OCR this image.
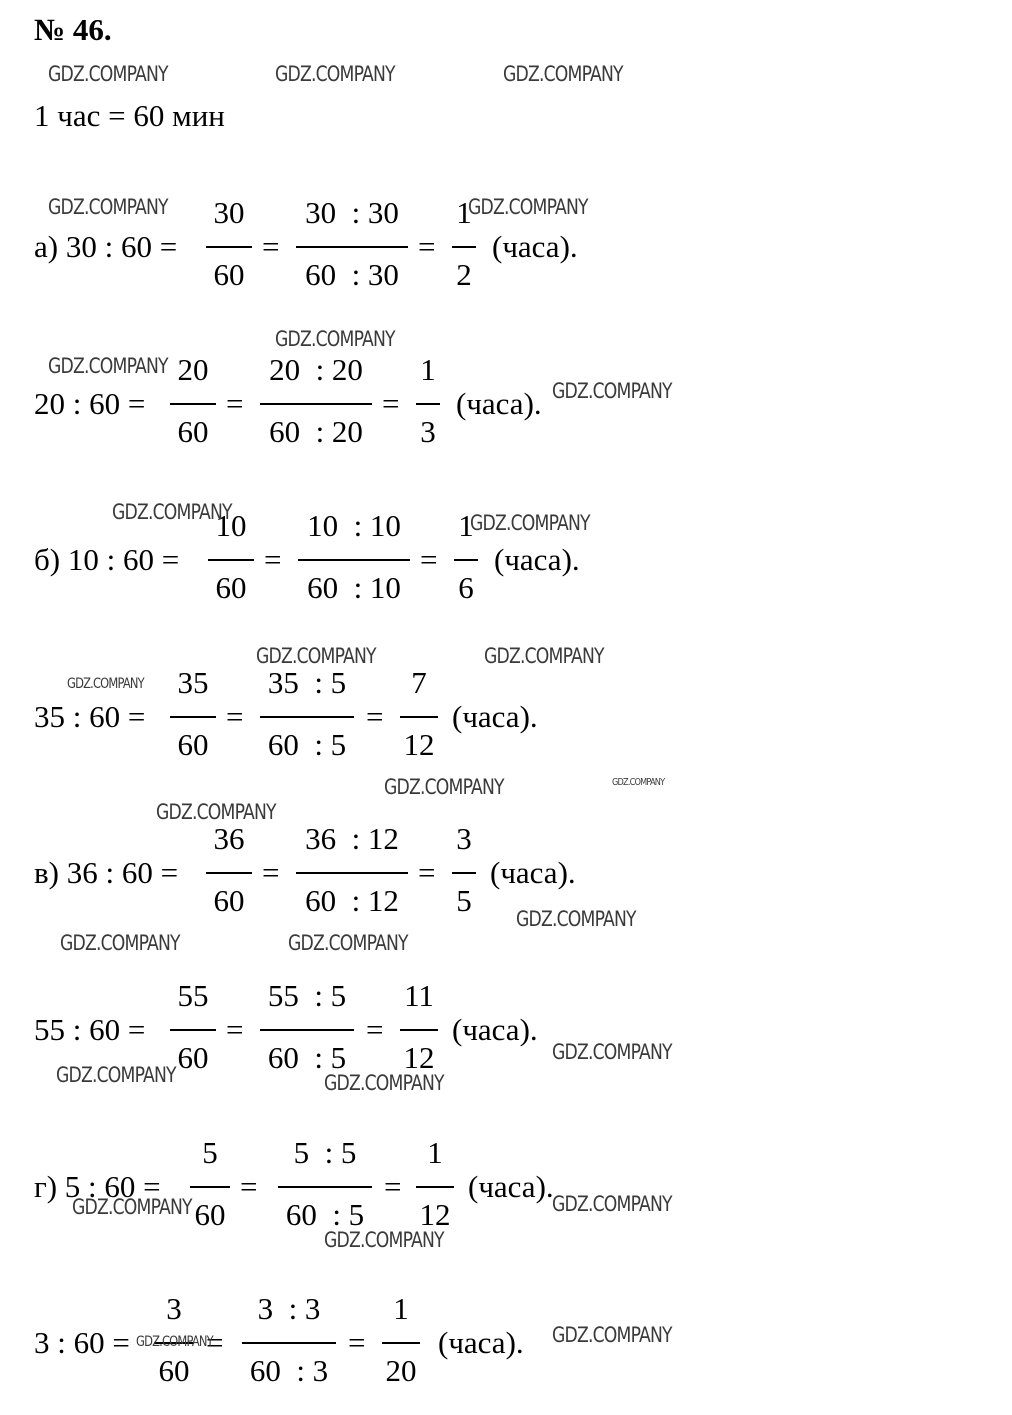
№ 46.
1 час = 60 мин
а) 30 : 60 =
30
60
=
30  : 30
60  : 30
=
1
2
(часа).
20 : 60 =
20
60
=
20  : 20
60  : 20
=
1
3
(часа).
б) 10 : 60 =
10
60
=
10  : 10
60  : 10
=
1
6
(часа).
35 : 60 =
35
60
=
35  : 5
60  : 5
=
7
12
(часа).
в) 36 : 60 =
36
60
=
36  : 12
60  : 12
=
3
5
(часа).
55 : 60 =
55
60
=
55  : 5
60  : 5
=
11
12
(часа).
г) 5 : 60 =
5
60
=
5  : 5
60  : 5
=
1
12
(часа).
3 : 60 =
3
60
=
3  : 3
60  : 3
=
1
20
(часа).
GDZ.COMPANY	GDZ.COMPANY	GDZ.COMPANY
GDZ.COMPANY	GDZ.COMPANY
GDZ.COMPANY
GDZ.COMPANY
GDZ.COMPANY
GDZ.COMPANY	GDZ.COMPANY
GDZ.COMPANY	GDZ.COMPANY
GDZ.COMPANY
GDZ.COMPANY	GDZ.COMPANY
GDZ.COMPANY
GDZ.COMPANY
GDZ.COMPANY	GDZ.COMPANY
GDZ.COMPANY
GDZ.COMPANY	GDZ.COMPANY
GDZ.COMPANY	GDZ.COMPANY
GDZ.COMPANY
GDZ.COMPANY	GDZ.COMPANY
